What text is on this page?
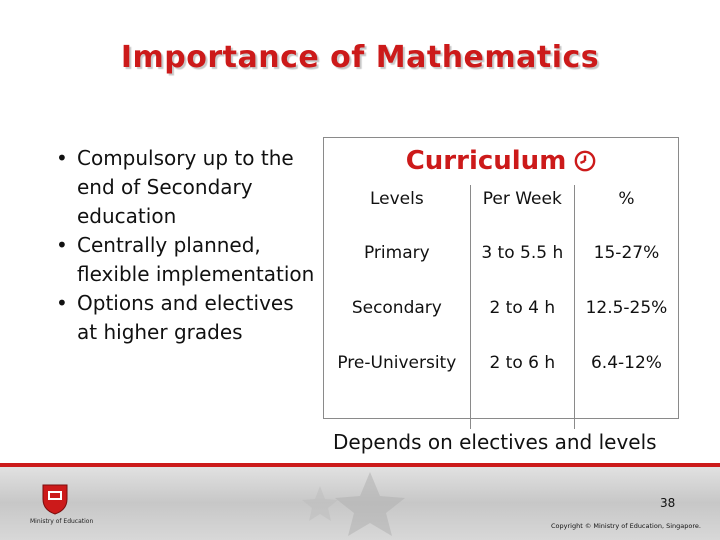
Importance of Mathematics
• Compulsory up to the end of Secondary education
• Centrally planned, flexible implementation
• Options and electives at higher grades
Curriculum
Levels	Per Week	%
Primary	3 to 5.5 h	15-27%
Secondary	2 to 4 h	12.5-25%
Pre-University	2 to 6 h	6.4-12%
Depends on electives and levels
Ministry of Education
38
Copyright © Ministry of Education, Singapore.
